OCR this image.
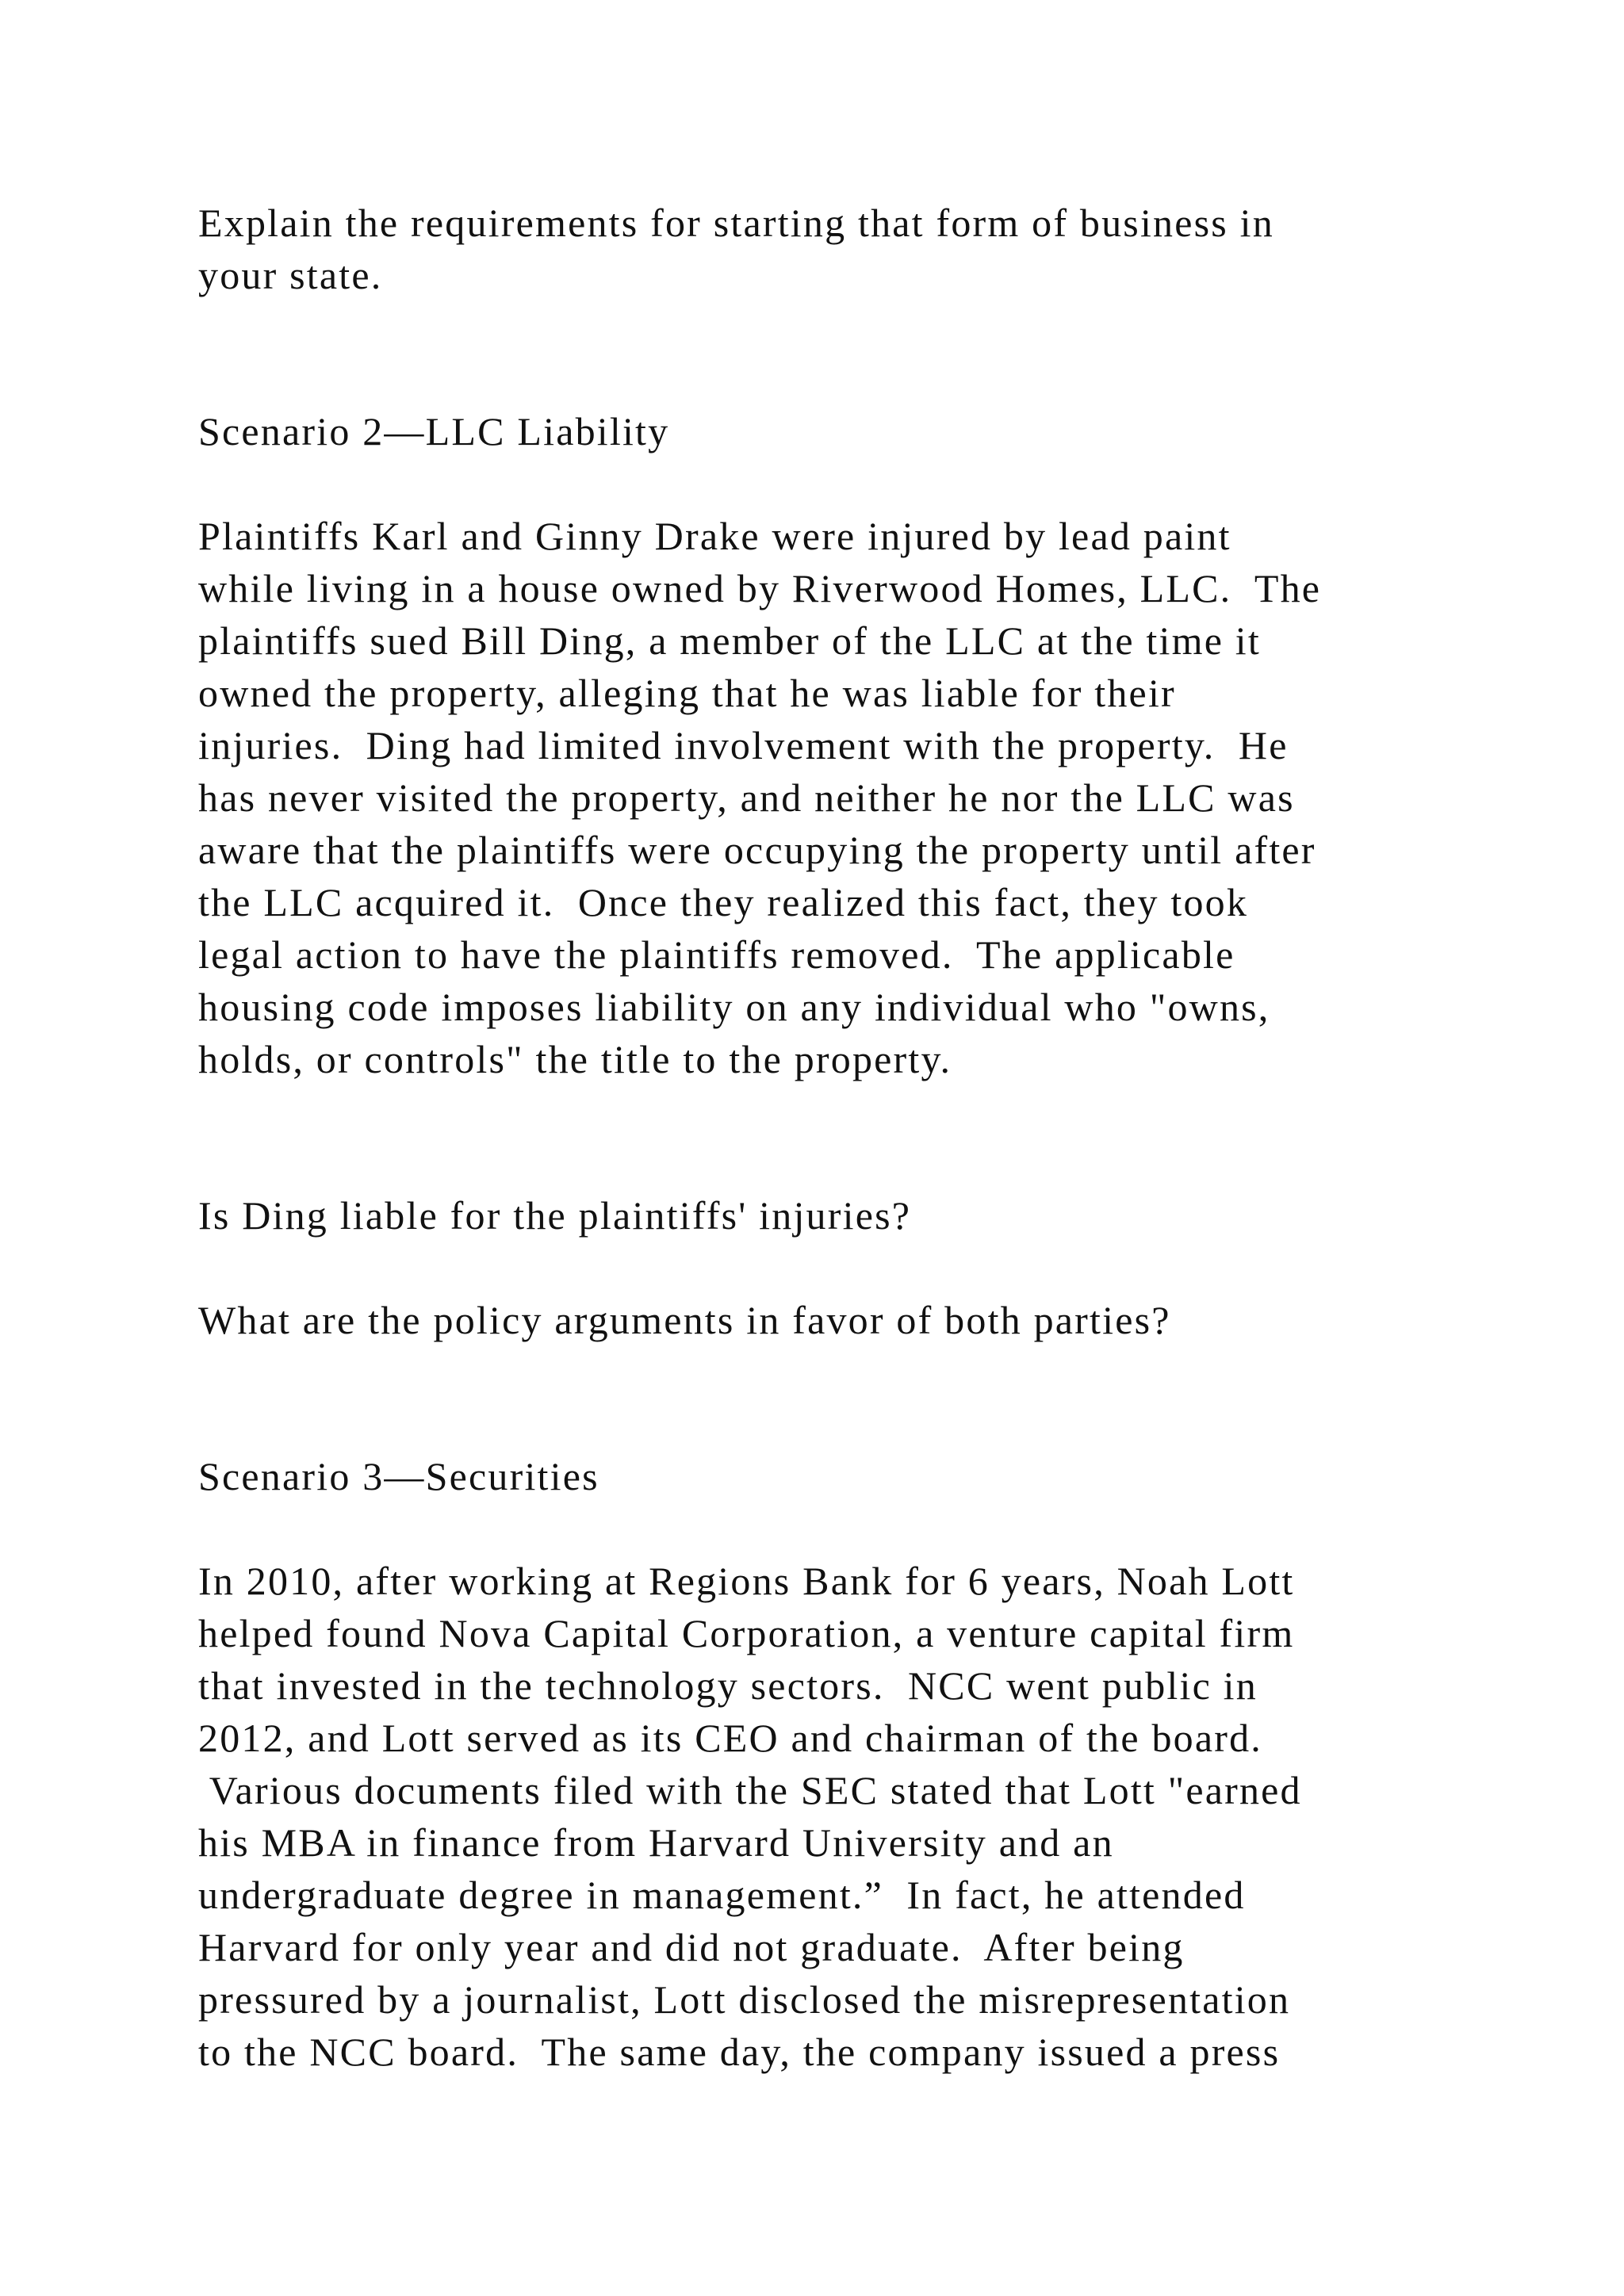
Explain the requirements for starting that form of business in

your state.

Scenario 2—LLC Liability

Plaintiffs Karl and Ginny Drake were injured by lead paint

while living in a house owned by Riverwood Homes, LLC.  The

plaintiffs sued Bill Ding, a member of the LLC at the time it

owned the property, alleging that he was liable for their

injuries.  Ding had limited involvement with the property.  He

has never visited the property, and neither he nor the LLC was

aware that the plaintiffs were occupying the property until after

the LLC acquired it.  Once they realized this fact, they took

legal action to have the plaintiffs removed.  The applicable

housing code imposes liability on any individual who "owns,

holds, or controls" the title to the property.

Is Ding liable for the plaintiffs' injuries?

What are the policy arguments in favor of both parties?

Scenario 3—Securities

In 2010, after working at Regions Bank for 6 years, Noah Lott

helped found Nova Capital Corporation, a venture capital firm

that invested in the technology sectors.  NCC went public in

2012, and Lott served as its CEO and chairman of the board.

Various documents filed with the SEC stated that Lott "earned

his MBA in finance from Harvard University and an

undergraduate degree in management.”  In fact, he attended

Harvard for only year and did not graduate.  After being

pressured by a journalist, Lott disclosed the misrepresentation

to the NCC board.  The same day, the company issued a press
